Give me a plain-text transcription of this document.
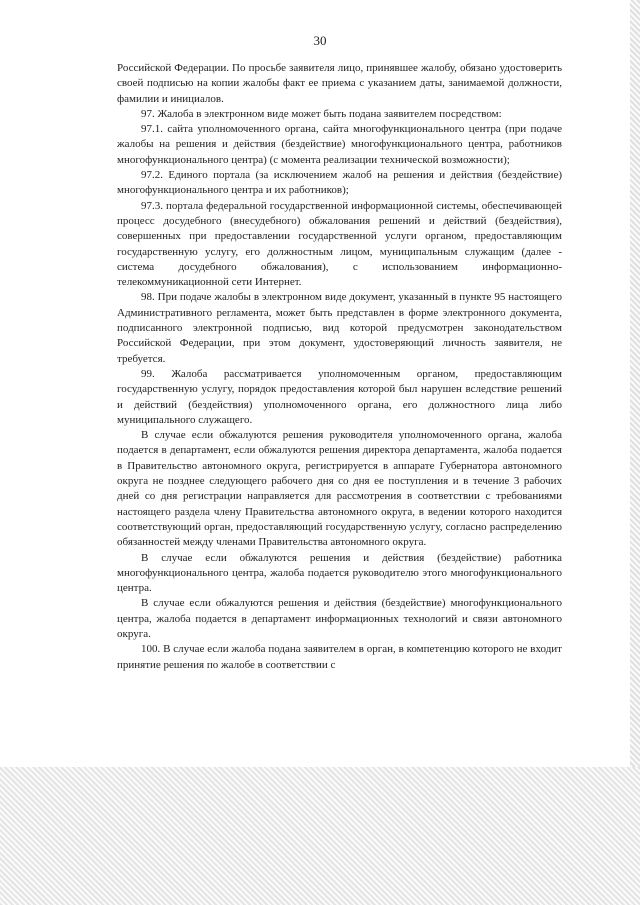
30

Российской Федерации. По просьбе заявителя лицо, принявшее жалобу, обязано удостоверить своей подписью на копии жалобы факт ее приема с указанием даты, занимаемой должности, фамилии и инициалов.

97. Жалоба в электронном виде может быть подана заявителем посредством:

97.1. сайта уполномоченного органа, сайта многофункционального центра (при подаче жалобы на решения и действия (бездействие) многофункционального центра, работников многофункционального центра) (с момента реализации технической возможности);

97.2. Единого портала (за исключением жалоб на решения и действия (бездействие) многофункционального центра и их работников);

97.3. портала федеральной государственной информационной системы, обеспечивающей процесс досудебного (внесудебного) обжалования решений и действий (бездействия), совершенных при предоставлении государственной услуги органом, предоставляющим государственную услугу, его должностным лицом, муниципальным служащим (далее - система досудебного обжалования), с использованием информационно-телекоммуникационной сети Интернет.

98. При подаче жалобы в электронном виде документ, указанный в пункте 95 настоящего Административного регламента, может быть представлен в форме электронного документа, подписанного электронной подписью, вид которой предусмотрен законодательством Российской Федерации, при этом документ, удостоверяющий личность заявителя, не требуется.

99. Жалоба рассматривается уполномоченным органом, предоставляющим государственную услугу, порядок предоставления которой был нарушен вследствие решений и действий (бездействия) уполномоченного органа, его должностного лица либо муниципального служащего.

В случае если обжалуются решения руководителя уполномоченного органа, жалоба подается в департамент, если обжалуются решения директора департамента, жалоба подается в Правительство автономного округа, регистрируется в аппарате Губернатора автономного округа не позднее следующего рабочего дня со дня ее поступления и в течение 3 рабочих дней со дня регистрации направляется для рассмотрения в соответствии с требованиями настоящего раздела члену Правительства автономного округа, в ведении которого находится соответствующий орган, предоставляющий государственную услугу, согласно распределению обязанностей между членами Правительства автономного округа.

В случае если обжалуются решения и действия (бездействие) работника многофункционального центра, жалоба подается руководителю этого многофункционального центра.

В случае если обжалуются решения и действия (бездействие) многофункционального центра, жалоба подается в департамент информационных технологий и связи автономного округа.

100. В случае если жалоба подана заявителем в орган, в компетенцию которого не входит принятие решения по жалобе в соответствии с
